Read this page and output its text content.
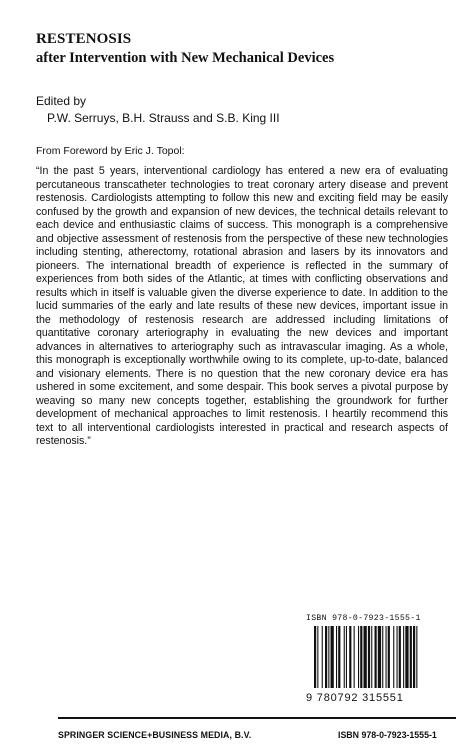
RESTENOSIS
after Intervention with New Mechanical Devices
Edited by
P.W. Serruys, B.H. Strauss and S.B. King III
From Foreword by Eric J. Topol:

“In the past 5 years, interventional cardiology has entered a new era of evaluating percutaneous transcatheter technologies to treat coronary artery disease and prevent restenosis. Cardiologists attempting to follow this new and exciting field may be easily confused by the growth and expansion of new devices, the technical details relevant to each device and enthusiastic claims of success. This monograph is a comprehensive and objective assessment of restenosis from the perspective of these new technologies including stenting, atherectomy, rotational abrasion and lasers by its innovators and pioneers. The international breadth of experience is reflected in the summary of experiences from both sides of the Atlantic, at times with conflicting observations and results which in itself is valuable given the diverse experience to date. In addition to the lucid summaries of the early and late results of these new devices, important issue in the methodology of restenosis research are addressed including limitations of quantitative coronary arteriography in evaluating the new devices and important advances in alternatives to arteriography such as intravascular imaging. As a whole, this monograph is exceptionally worthwhile owing to its complete, up-to-date, balanced and visionary elements. There is no question that the new coronary device era has ushered in some excitement, and some despair. This book serves a pivotal purpose by weaving so many new concepts together, establishing the groundwork for further development of mechanical approaches to limit restenosis. I heartily recommend this text to all interventional cardiologists interested in practical and research aspects of restenosis.”

ISBN 978-0-7923-1555-1
9 780792 315551
SPRINGER SCIENCE+BUSINESS MEDIA, B.V.	ISBN 978-0-7923-1555-1
